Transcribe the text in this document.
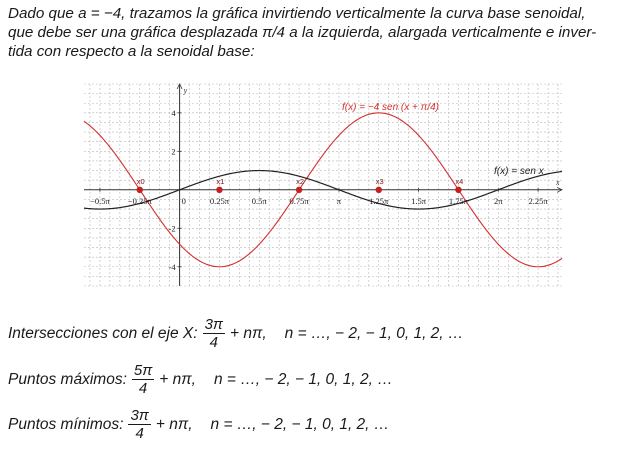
Dado que a = −4, trazamos la gráfica invirtiendo verticalmente la curva base senoidal,

que debe ser una gráfica desplazada π/4 a la izquierda, alargada verticalmente e inver-

tida con respecto a la senoidal base:

x
y
−0.5π −0.25π	0	0.25π	0.5π	0.75π	π	1.25π	1.5π	1.75π	2π	2.25π
4
2
-2
-4
x0	x1	x2	x3	x4
f(x) = −4 sen (x + π/4)
f(x) = sen x
Intersecciones con el eje X: $\frac{3\pi}{4} + n\pi$, n = …, − 2, − 1, 0, 1, 2, …
Puntos máximos: $\frac{5\pi}{4} + n\pi$, n = …, − 2, − 1, 0, 1, 2, …
Puntos mínimos: $\frac{3\pi}{4} + n\pi$, n = …, − 2, − 1, 0, 1, 2, …
